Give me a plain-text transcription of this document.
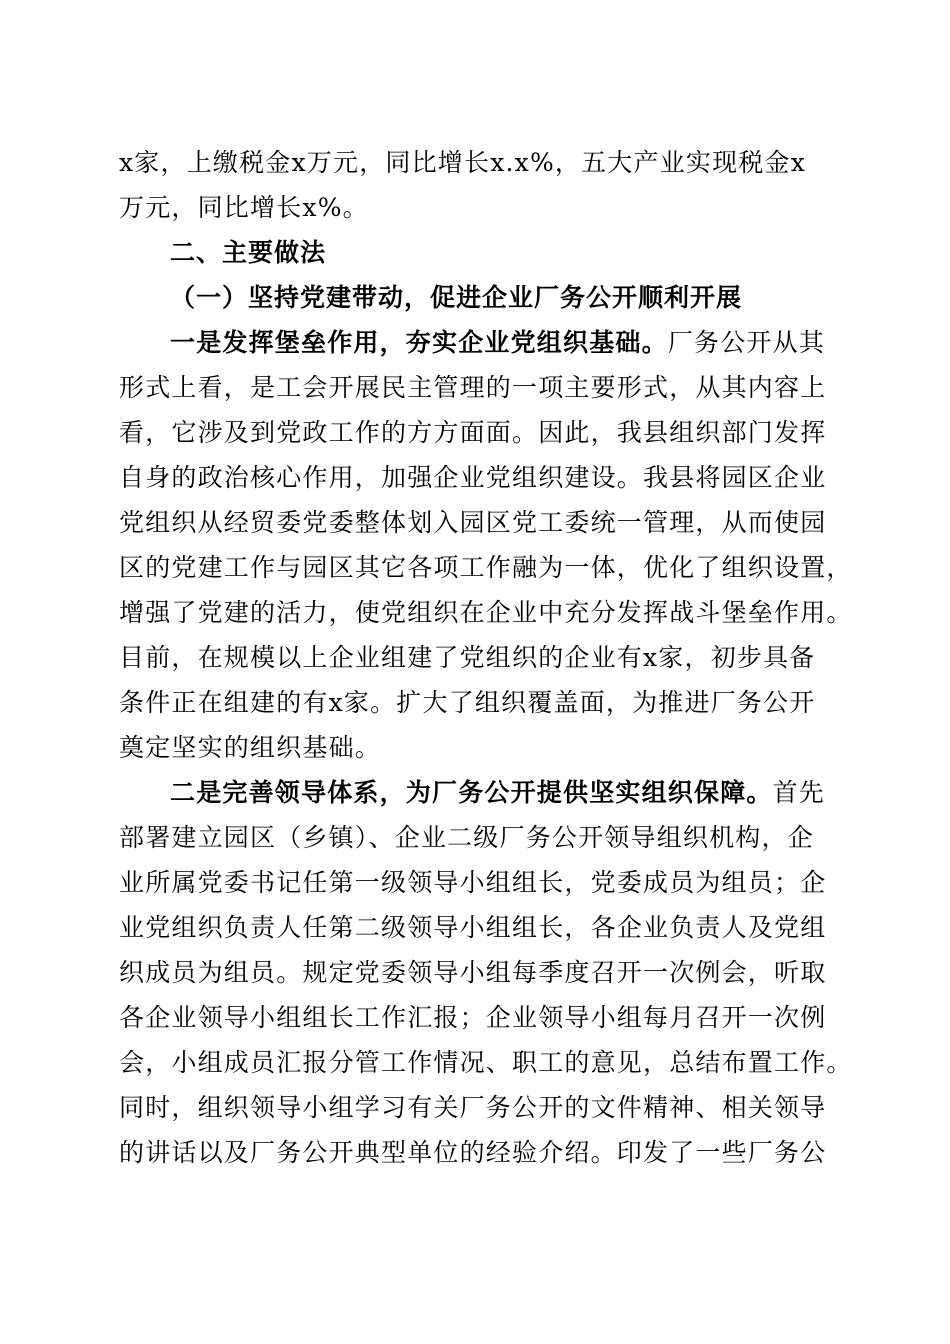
x家，上缴税金x万元，同比增长x.x%，五大产业实现税金x
万元，同比增长x%。
二、主要做法
（一）坚持党建带动，促进企业厂务公开顺利开展
一是发挥堡垒作用，夯实企业党组织基础。厂务公开从其
形式上看，是工会开展民主管理的一项主要形式，从其内容上
看，它涉及到党政工作的方方面面。因此，我县组织部门发挥
自身的政治核心作用，加强企业党组织建设。我县将园区企业
党组织从经贸委党委整体划入园区党工委统一管理，从而使园
区的党建工作与园区其它各项工作融为一体，优化了组织设置，
增强了党建的活力，使党组织在企业中充分发挥战斗堡垒作用。
目前，在规模以上企业组建了党组织的企业有x家，初步具备
条件正在组建的有x家。扩大了组织覆盖面，为推进厂务公开
奠定坚实的组织基础。
二是完善领导体系，为厂务公开提供坚实组织保障。首先
部署建立园区（乡镇）、企业二级厂务公开领导组织机构，企
业所属党委书记任第一级领导小组组长，党委成员为组员；企
业党组织负责人任第二级领导小组组长，各企业负责人及党组
织成员为组员。规定党委领导小组每季度召开一次例会，听取
各企业领导小组组长工作汇报；企业领导小组每月召开一次例
会，小组成员汇报分管工作情况、职工的意见，总结布置工作。
同时，组织领导小组学习有关厂务公开的文件精神、相关领导
的讲话以及厂务公开典型单位的经验介绍。印发了一些厂务公
